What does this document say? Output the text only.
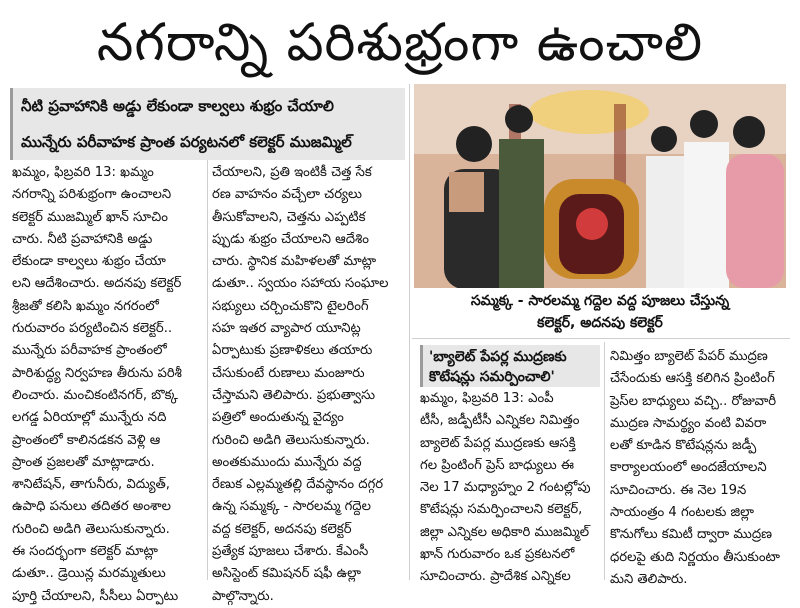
నగరాన్ని పరిశుభ్రంగా ఉంచాలి
నీటి ప్రవాహానికి అడ్డు లేకుండా కాల్వలు శుభ్రం చేయాలి
మున్నేరు పరీవాహక ప్రాంత పర్యటనలో కలెక్టర్ ముజమ్మిల్

ఖమ్మం, ఫిబ్రవరి 13: ఖమ్మం

నగరాన్ని పరిశుభ్రంగా ఉంచాలని

కలెక్టర్ ముజమ్మిల్ ఖాన్ సూచిం

చారు. నీటి ప్రవాహానికి అడ్డు

లేకుండా కాల్వలు శుభ్రం చేయా

లని ఆదేశించారు. అదనపు కలెక్టర్

శ్రీజతో కలిసి ఖమ్మం నగరంలో

గురువారం పర్యటించిన కలెక్టర్..

మున్నేరు పరీవాహక ప్రాంతంలో

పారిశుద్ధ్య నిర్వహణ తీరును పరిశీ

లించారు. మంచికంటినగర్, బొక్క

లగడ్డ ఏరియాల్లో మున్నేరు నది

ప్రాంతంలో కాలినడకన వెళ్లి ఆ

ప్రాంత ప్రజలతో మాట్లాడారు.

శానిటేషన్, తాగునీరు, విద్యుత్,

ఉపాధి పనులు తదితర అంశాల

గురించి అడిగి తెలుసుకున్నారు.

ఈ సందర్భంగా కలెక్టర్ మాట్లా

డుతూ.. డ్రెయిన్ల మరమ్మతులు

పూర్తి చేయాలని, సీసీలు ఏర్పాటు

చేయాలని, ప్రతి ఇంటికీ చెత్త సేక

రణ వాహనం వచ్చేలా చర్యలు

తీసుకోవాలని, చెత్తను ఎప్పటిక

ప్పుడు శుభ్రం చేయాలని ఆదేశిం

చారు. స్థానిక మహిళలతో మాట్లా

డుతూ.. స్వయం సహాయ సంఘాల

సభ్యులు చర్చించుకొని టైలరింగ్

సహ ఇతర వ్యాపార యూనిట్ల

ఏర్పాటుకు ప్రణాళికలు తయారు

చేసుకుంటే రుణాలు మంజూరు

చేస్తామని తెలిపారు. ప్రభుత్వాసు

పత్రిలో అందుతున్న వైద్యం

గురించి అడిగి తెలుసుకున్నారు.

అంతకుముందు మున్నేరు వద్ద

రేణుక ఎల్లమ్మతల్లి దేవస్థానం దగ్గర

ఉన్న సమ్మక్క - సారలమ్మ గద్దెల

వద్ద కలెక్టర్, అదనపు కలెక్టర్

ప్రత్యేక పూజలు చేశారు. కేఎంసీ

అసిస్టెంట్ కమిషనర్ షఫీ ఉల్లా

పాల్గొన్నారు.

సమ్మక్క - సారలమ్మ గద్దెల వద్ద పూజలు చేస్తున్న
కలెక్టర్, అదనపు కలెక్టర్
'బ్యాలెట్ పేపర్ల ముద్రణకు
కొటేషన్లు సమర్పించాలి'

ఖమ్మం, ఫిబ్రవరి 13: ఎంపీ

టీసీ, జడ్పీటీసీ ఎన్నికల నిమిత్తం

బ్యాలెట్ పేపర్ల ముద్రణకు ఆసక్తి

గల ప్రింటింగ్ ప్రెస్ బాధ్యులు ఈ

నెల 17 మధ్యాహ్నం 2 గంటల్లోపు

కొటేషన్లు సమర్పించాలని కలెక్టర్,

జిల్లా ఎన్నికల అధికారి ముజమ్మిల్

ఖాన్ గురువారం ఒక ప్రకటనలో

సూచించారు. ప్రాదేశిక ఎన్నికల

నిమిత్తం బ్యాలెట్ పేపర్ ముద్రణ

చేసేందుకు ఆసక్తి కలిగిన ప్రింటింగ్

ప్రెస్‌ల బాధ్యులు వచ్చి.. రోజువారీ

ముద్రణ సామర్థ్యం వంటి వివరా

లతో కూడిన కొటేషన్లను జడ్పీ

కార్యాలయంలో అందజేయాలని

సూచించారు. ఈ నెల 19న

సాయంత్రం 4 గంటలకు జిల్లా

కొనుగోలు కమిటీ ద్వారా ముద్రణ

ధరలపై తుది నిర్ణయం తీసుకుంటా

మని తెలిపారు.
